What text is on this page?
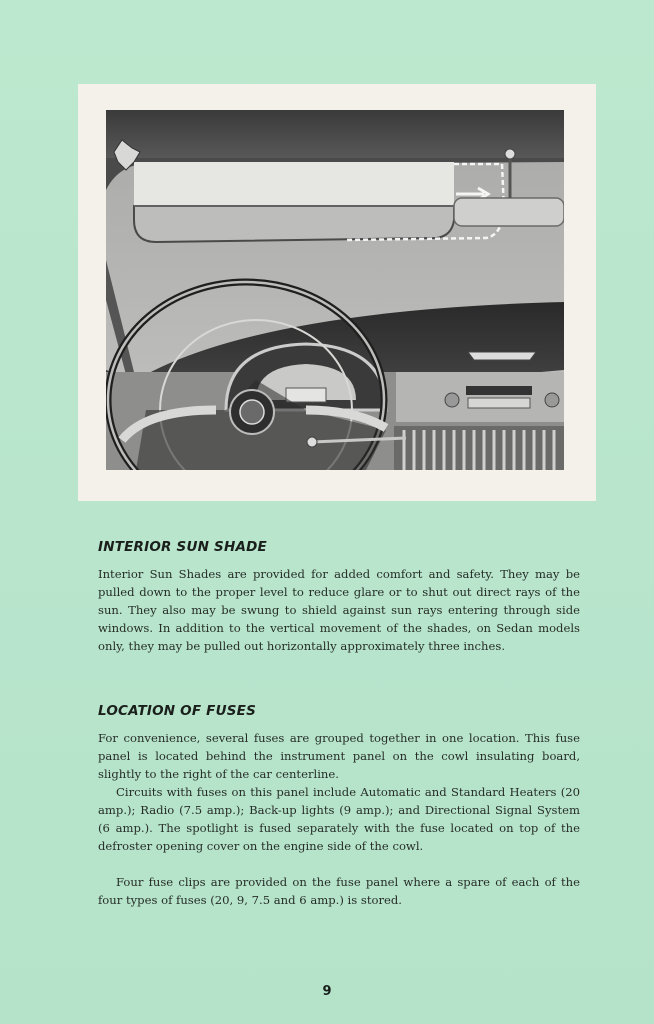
INTERIOR SUN SHADE

Interior Sun Shades are provided for added comfort and safety. They may be pulled down to the proper level to reduce glare or to shut out direct rays of the sun. They also may be swung to shield against sun rays entering through side windows. In addition to the vertical movement of the shades, on Sedan models only, they may be pulled out horizontally approximately three inches.

LOCATION OF FUSES

For convenience, several fuses are grouped together in one location. This fuse panel is located behind the instrument panel on the cowl insulating board, slightly to the right of the car centerline.

Circuits with fuses on this panel include Automatic and Standard Heaters (20 amp.); Radio (7.5 amp.); Back-up lights (9 amp.); and Directional Signal System (6 amp.). The spotlight is fused separately with the fuse located on top of the defroster opening cover on the engine side of the cowl.

Four fuse clips are provided on the fuse panel where a spare of each of the four types of fuses (20, 9, 7.5 and 6 amp.) is stored.

9
